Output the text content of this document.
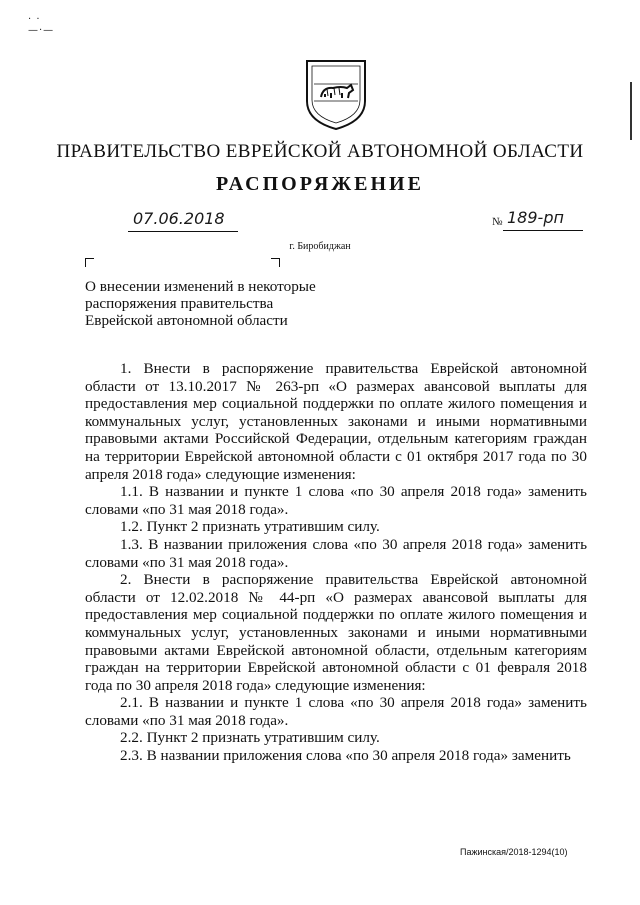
· ·
—·—
ПРАВИТЕЛЬСТВО ЕВРЕЙСКОЙ АВТОНОМНОЙ ОБЛАСТИ
РАСПОРЯЖЕНИЕ
07.06.2018	№ 189-рп
г. Биробиджан
О внесении изменений в некоторые
распоряжения правительства
Еврейской автономной области

1. Внести в распоряжение правительства Еврейской автономной области от 13.10.2017 № 263-рп «О размерах авансовой выплаты для предоставления мер социальной поддержки по оплате жилого помещения и коммунальных услуг, установленных законами и иными нормативными правовыми актами Российской Федерации, отдельным категориям граждан на территории Еврейской автономной области с 01 октября 2017 года по 30 апреля 2018 года» следующие изменения:

1.1. В названии и пункте 1 слова «по 30 апреля 2018 года» заменить словами «по 31 мая 2018 года».

1.2. Пункт 2 признать утратившим силу.

1.3. В названии приложения слова «по 30 апреля 2018 года» заменить словами «по 31 мая 2018 года».

2. Внести в распоряжение правительства Еврейской автономной области от 12.02.2018 № 44-рп «О размерах авансовой выплаты для предоставления мер социальной поддержки по оплате жилого помещения и коммунальных услуг, установленных законами и иными нормативными правовыми актами Еврейской автономной области, отдельным категориям граждан на территории Еврейской автономной области с 01 февраля 2018 года по 30 апреля 2018 года» следующие изменения:

2.1. В названии и пункте 1 слова «по 30 апреля 2018 года» заменить словами «по 31 мая 2018 года».

2.2. Пункт 2 признать утратившим силу.

2.3. В названии приложения слова «по 30 апреля 2018 года» заменить

Пажинская/2018-1294(10)
